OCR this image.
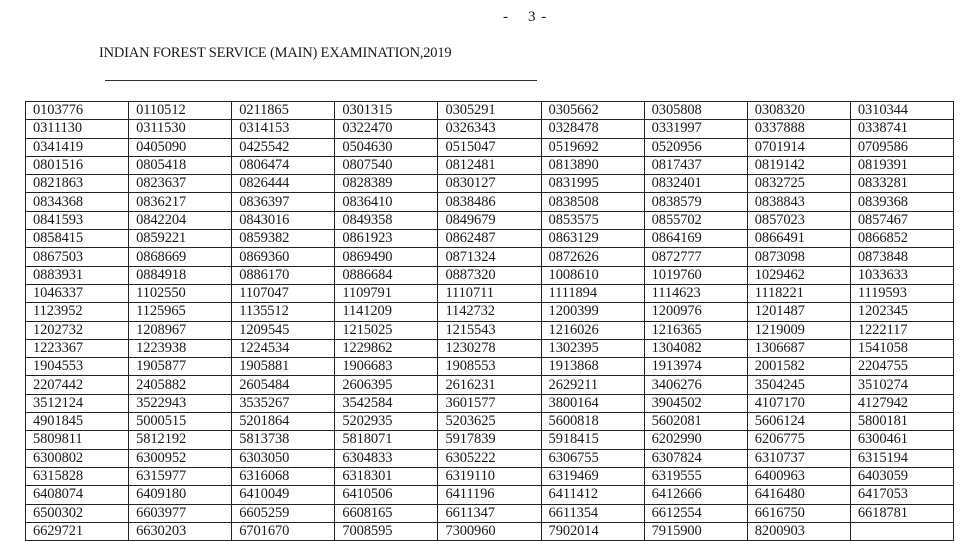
-    3 -
INDIAN FOREST SERVICE (MAIN) EXAMINATION,2019
0103776	0110512	0211865	0301315	0305291	0305662	0305808	0308320	0310344
0311130	0311530	0314153	0322470	0326343	0328478	0331997	0337888	0338741
0341419	0405090	0425542	0504630	0515047	0519692	0520956	0701914	0709586
0801516	0805418	0806474	0807540	0812481	0813890	0817437	0819142	0819391
0821863	0823637	0826444	0828389	0830127	0831995	0832401	0832725	0833281
0834368	0836217	0836397	0836410	0838486	0838508	0838579	0838843	0839368
0841593	0842204	0843016	0849358	0849679	0853575	0855702	0857023	0857467
0858415	0859221	0859382	0861923	0862487	0863129	0864169	0866491	0866852
0867503	0868669	0869360	0869490	0871324	0872626	0872777	0873098	0873848
0883931	0884918	0886170	0886684	0887320	1008610	1019760	1029462	1033633
1046337	1102550	1107047	1109791	1110711	1111894	1114623	1118221	1119593
1123952	1125965	1135512	1141209	1142732	1200399	1200976	1201487	1202345
1202732	1208967	1209545	1215025	1215543	1216026	1216365	1219009	1222117
1223367	1223938	1224534	1229862	1230278	1302395	1304082	1306687	1541058
1904553	1905877	1905881	1906683	1908553	1913868	1913974	2001582	2204755
2207442	2405882	2605484	2606395	2616231	2629211	3406276	3504245	3510274
3512124	3522943	3535267	3542584	3601577	3800164	3904502	4107170	4127942
4901845	5000515	5201864	5202935	5203625	5600818	5602081	5606124	5800181
5809811	5812192	5813738	5818071	5917839	5918415	6202990	6206775	6300461
6300802	6300952	6303050	6304833	6305222	6306755	6307824	6310737	6315194
6315828	6315977	6316068	6318301	6319110	6319469	6319555	6400963	6403059
6408074	6409180	6410049	6410506	6411196	6411412	6412666	6416480	6417053
6500302	6603977	6605259	6608165	6611347	6611354	6612554	6616750	6618781
6629721	6630203	6701670	7008595	7300960	7902014	7915900	8200903	
